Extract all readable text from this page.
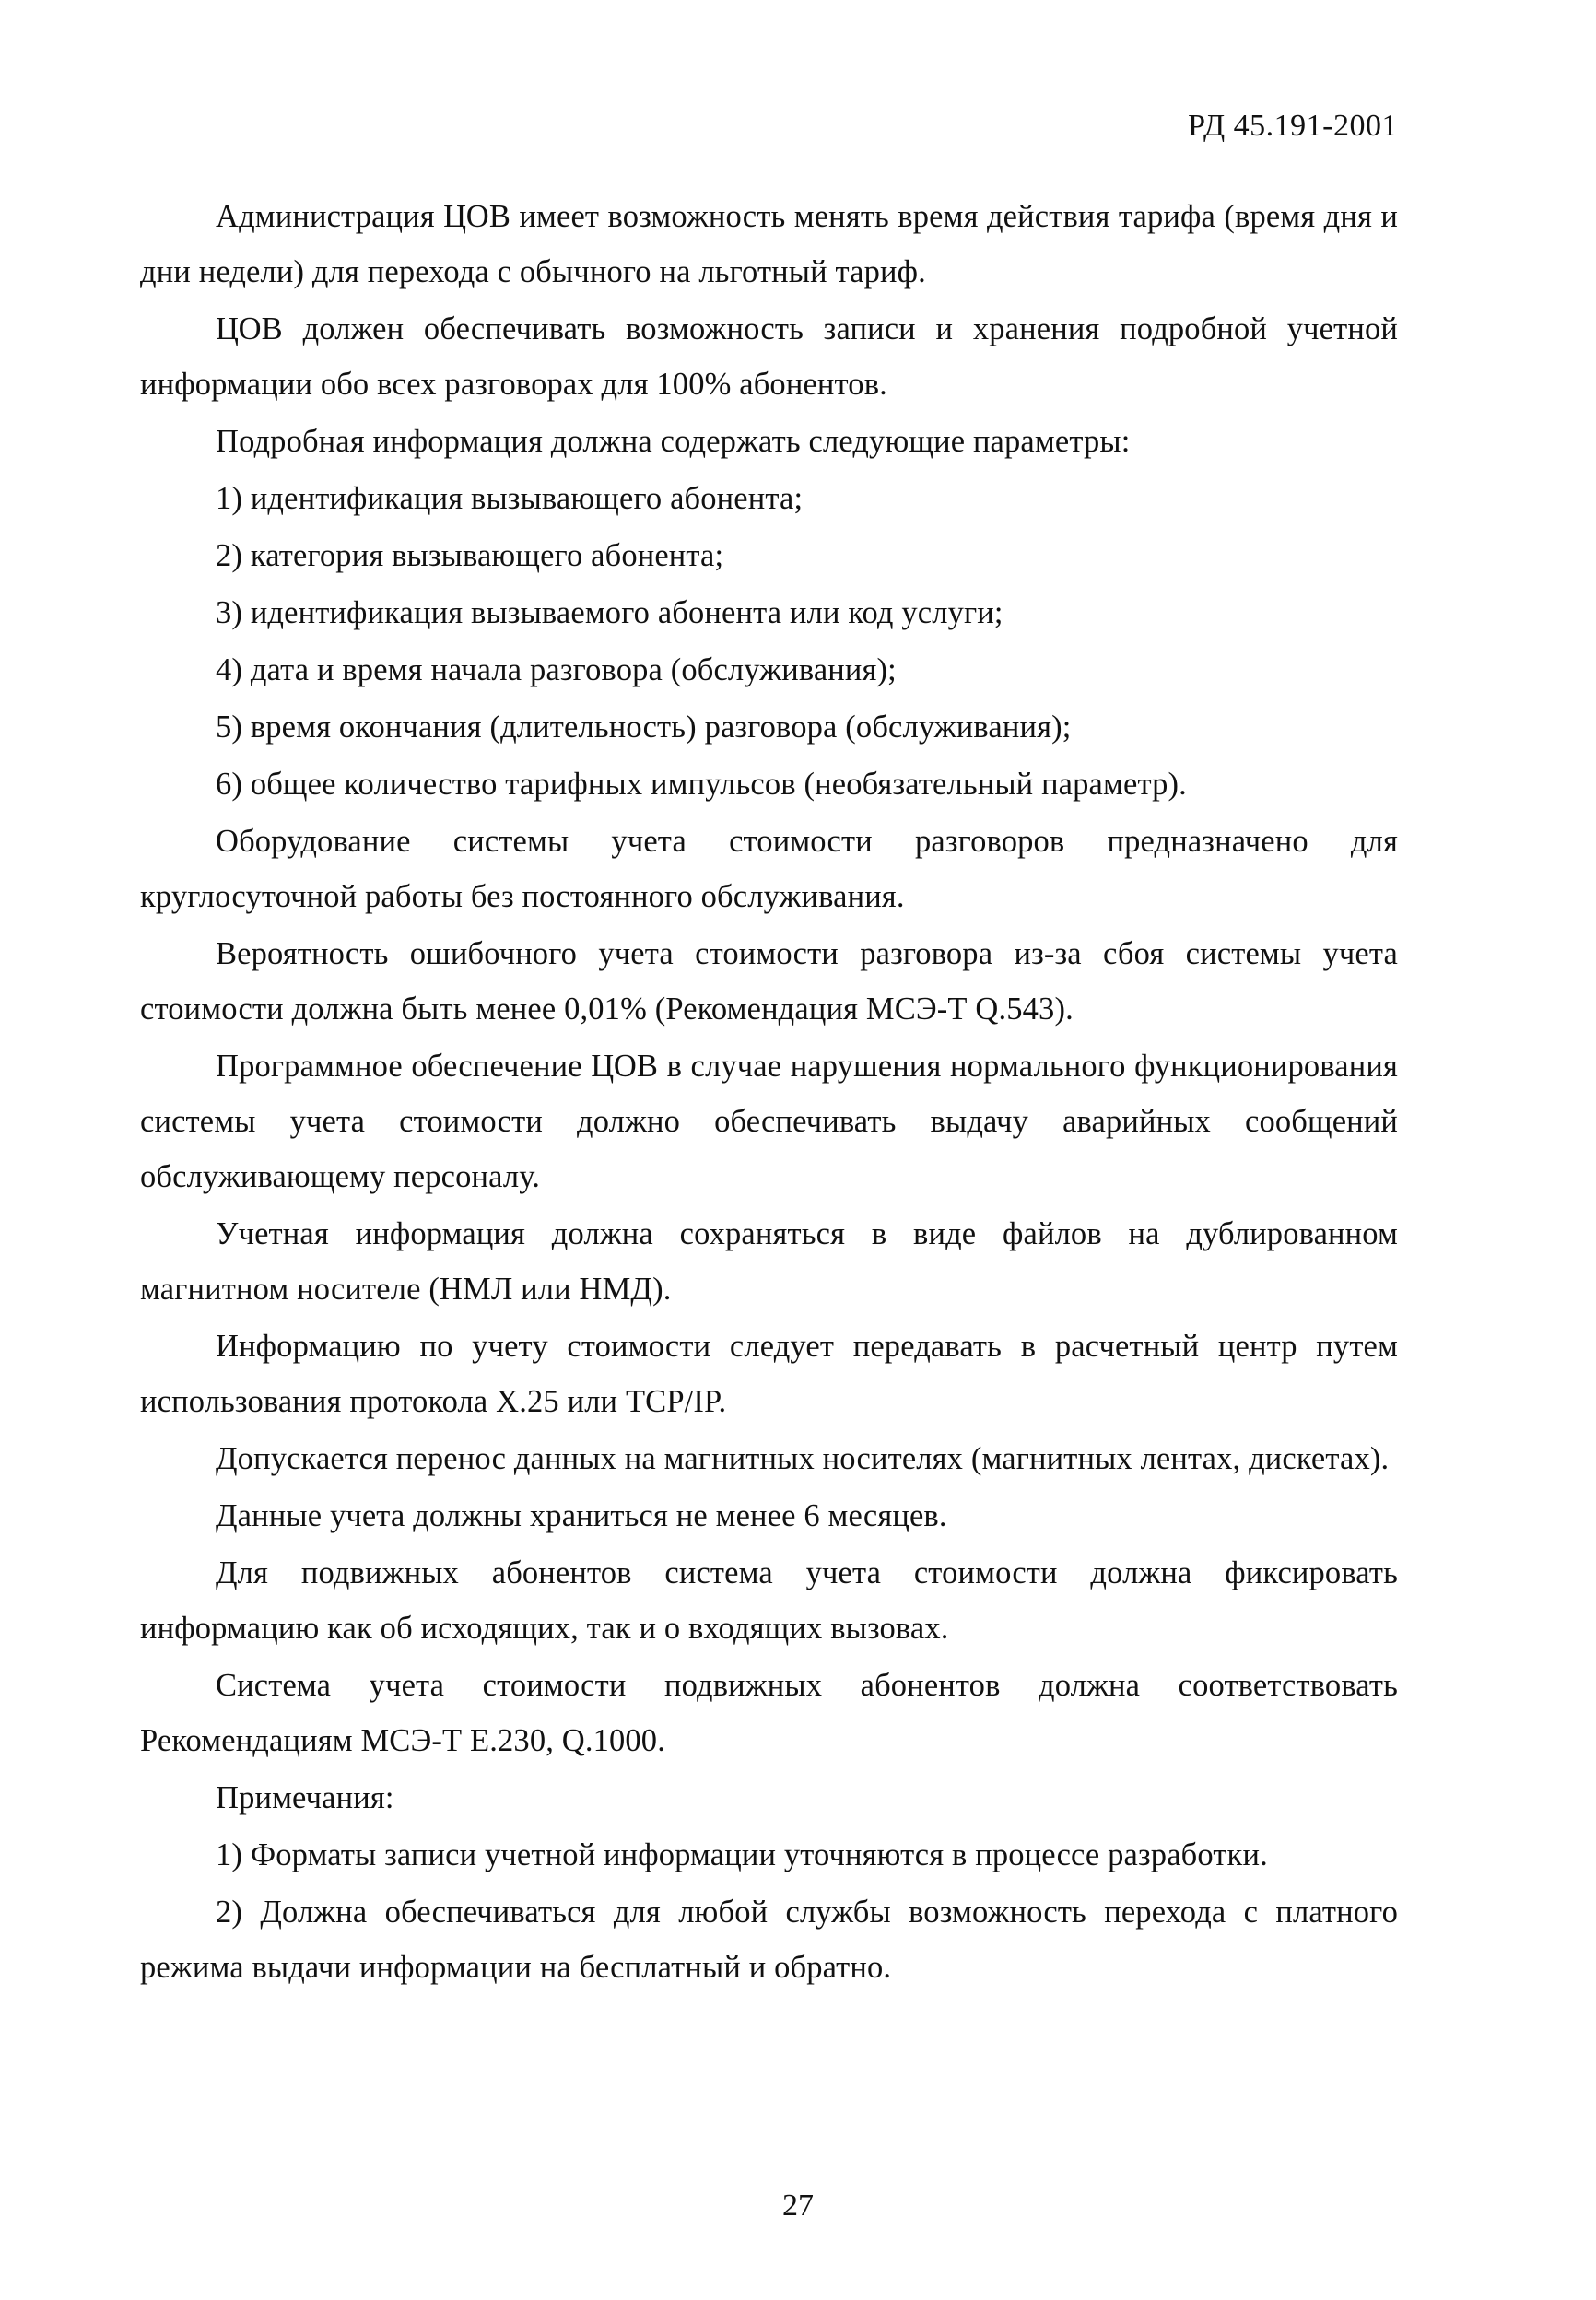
РД 45.191-2001

Администрация ЦОВ имеет возможность менять время действия тарифа (время дня и дни недели) для перехода с обычного на льготный тариф.

ЦОВ должен обеспечивать возможность записи и хранения подробной учетной информации обо всех разговорах для 100% абонентов.

Подробная информация должна содержать следующие параметры:

1) идентификация вызывающего абонента;

2) категория вызывающего абонента;

3) идентификация вызываемого абонента или код услуги;

4) дата и время начала разговора (обслуживания);

5) время окончания (длительность) разговора (обслуживания);

6) общее количество тарифных импульсов (необязательный параметр).

Оборудование системы учета стоимости разговоров предназначено для круглосуточной работы без постоянного обслуживания.

Вероятность ошибочного учета стоимости разговора из-за сбоя системы учета стоимости должна быть менее 0,01% (Рекомендация МСЭ-Т Q.543).

Программное обеспечение ЦОВ в случае нарушения нормального функционирования системы учета стоимости должно обеспечивать выдачу аварийных сообщений обслуживающему персоналу.

Учетная информация должна сохраняться в виде файлов на дублированном магнитном носителе (НМЛ или НМД).

Информацию по учету стоимости следует передавать в расчетный центр путем использования протокола X.25 или TCP/IP.

Допускается перенос данных на магнитных носителях (магнитных лентах, дискетах).

Данные учета должны храниться не менее 6 месяцев.

Для подвижных абонентов система учета стоимости должна фиксировать информацию как об исходящих, так и о входящих вызовах.

Система учета стоимости подвижных абонентов должна соответствовать Рекомендациям МСЭ-Т Е.230, Q.1000.

Примечания:

1) Форматы записи учетной информации уточняются в процессе разработки.

2) Должна обеспечиваться для любой службы возможность перехода с платного режима выдачи информации на бесплатный и обратно.

27
